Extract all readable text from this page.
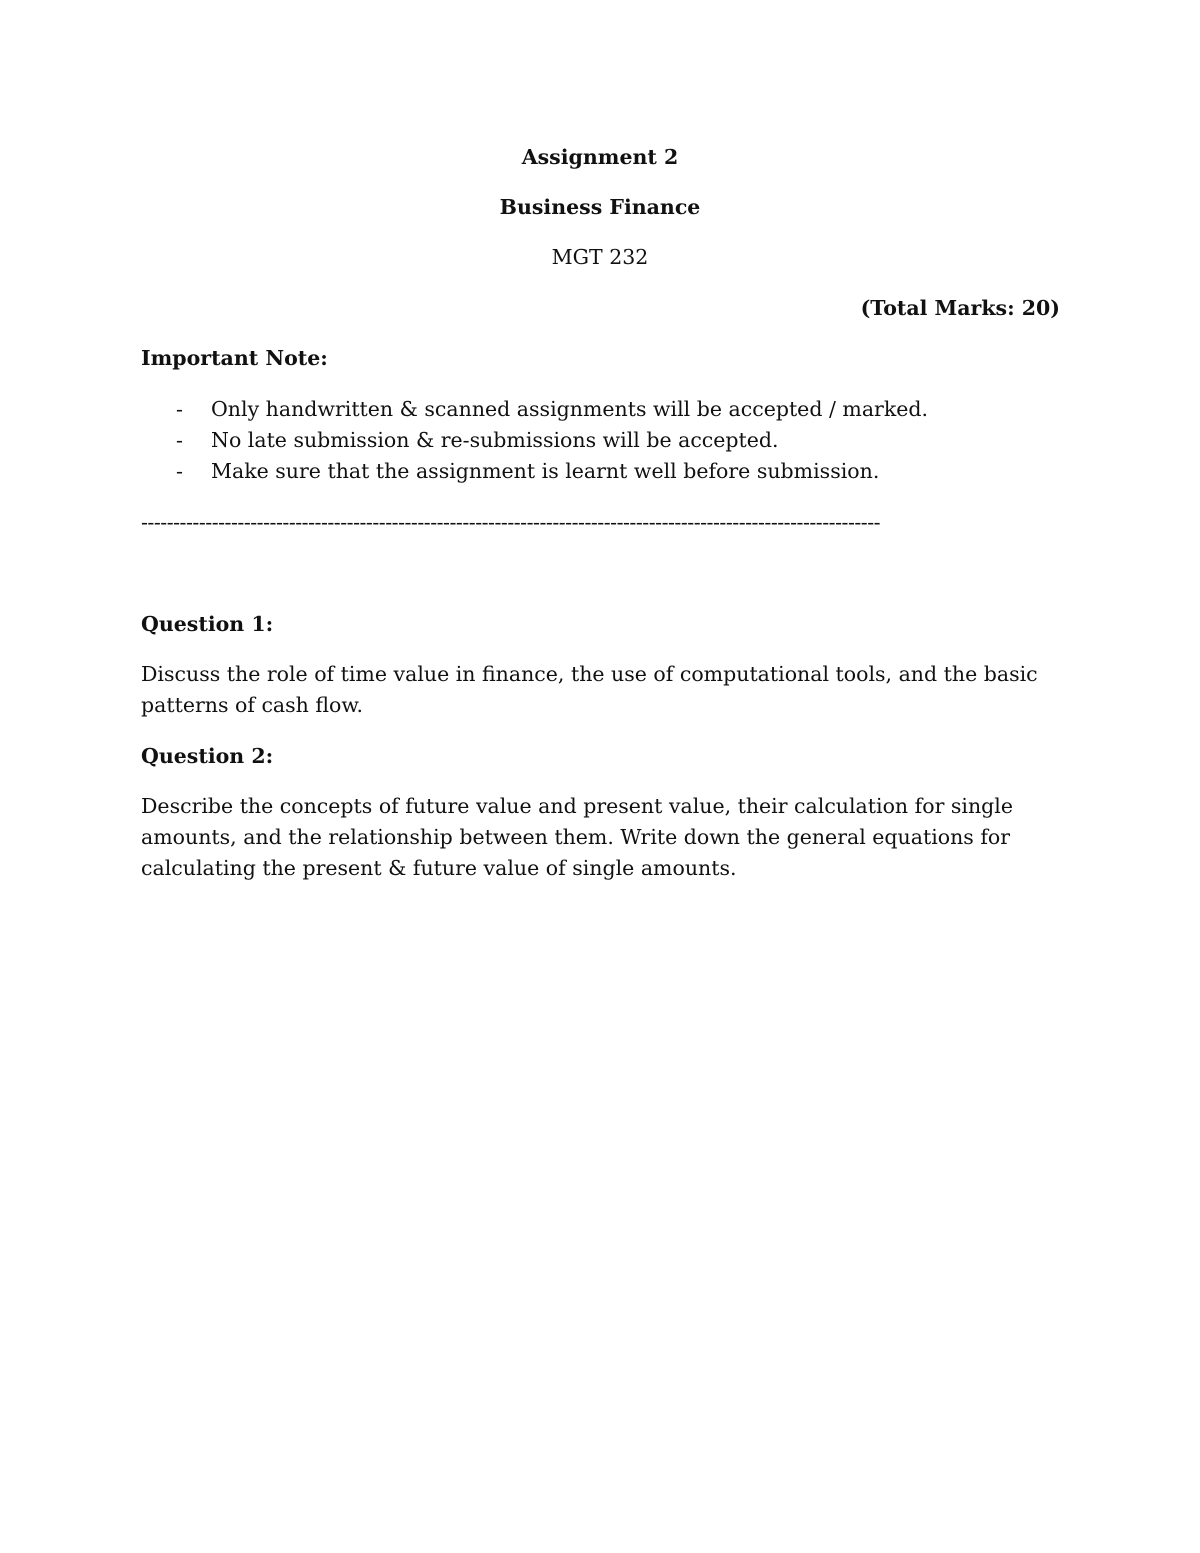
Assignment 2

Business Finance

MGT 232

(Total Marks: 20)

Important Note:

- Only handwritten & scanned assignments will be accepted / marked.
- No late submission & re-submissions will be accepted.
- Make sure that the assignment is learnt well before submission.
-------------------------------------------------------------------------------------------------------------------

Question 1:

Discuss the role of time value in finance, the use of computational tools, and the basic patterns of cash flow.

Question 2:

Describe the concepts of future value and present value, their calculation for single amounts, and the relationship between them. Write down the general equations for calculating the present & future value of single amounts.
